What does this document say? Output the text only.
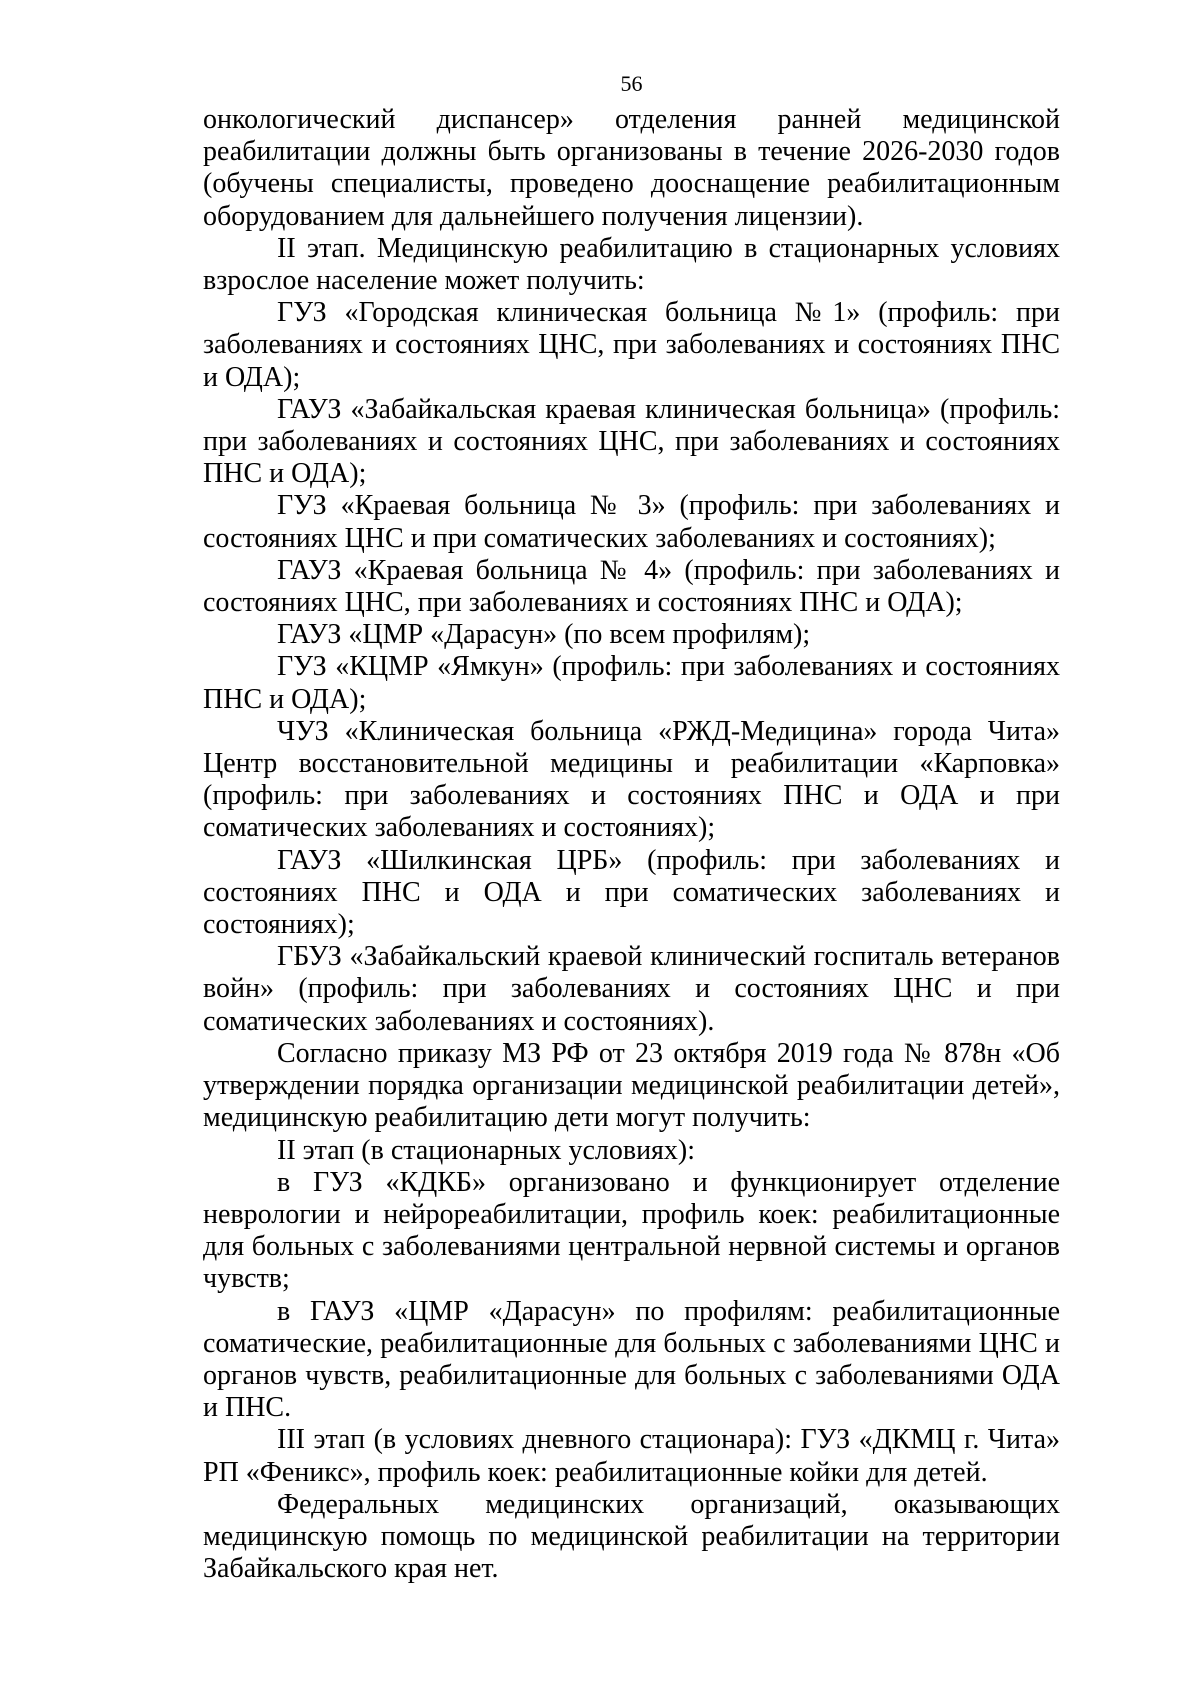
56

онкологический диспансер» отделения ранней медицинской реабилитации должны быть организованы в течение 2026-2030 годов (обучены специалисты, проведено дооснащение реабилитационным оборудованием для дальнейшего получения лицензии).

II этап. Медицинскую реабилитацию в стационарных условиях взрослое население может получить:

ГУЗ «Городская клиническая больница №1» (профиль: при заболеваниях и состояниях ЦНС, при заболеваниях и состояниях ПНС и ОДА);

ГАУЗ «Забайкальская краевая клиническая больница» (профиль: при заболеваниях и состояниях ЦНС, при заболеваниях и состояниях ПНС и ОДА);

ГУЗ «Краевая больница № 3» (профиль: при заболеваниях и состояниях ЦНС и при соматических заболеваниях и состояниях);

ГАУЗ «Краевая больница № 4» (профиль: при заболеваниях и состояниях ЦНС, при заболеваниях и состояниях ПНС и ОДА);

ГАУЗ «ЦМР «Дарасун» (по всем профилям);

ГУЗ «КЦМР «Ямкун» (профиль: при заболеваниях и состояниях ПНС и ОДА);

ЧУЗ «Клиническая больница «РЖД-Медицина» города Чита» Центр восстановительной медицины и реабилитации «Карповка» (профиль: при заболеваниях и состояниях ПНС и ОДА и при соматических заболеваниях и состояниях);

ГАУЗ «Шилкинская ЦРБ» (профиль: при заболеваниях и состояниях ПНС и ОДА и при соматических заболеваниях и состояниях);

ГБУЗ «Забайкальский краевой клинический госпиталь ветеранов войн» (профиль: при заболеваниях и состояниях ЦНС и при соматических заболеваниях и состояниях).

Согласно приказу МЗ РФ от 23 октября 2019 года № 878н «Об утверждении порядка организации медицинской реабилитации детей», медицинскую реабилитацию дети могут получить:

II этап (в стационарных условиях):

в ГУЗ «КДКБ» организовано и функционирует отделение неврологии и нейрореабилитации, профиль коек: реабилитационные для больных с заболеваниями центральной нервной системы и органов чувств;

в ГАУЗ «ЦМР «Дарасун» по профилям: реабилитационные соматические, реабилитационные для больных с заболеваниями ЦНС и органов чувств, реабилитационные для больных с заболеваниями ОДА и ПНС.

III этап (в условиях дневного стационара): ГУЗ «ДКМЦ г. Чита» РП «Феникс», профиль коек: реабилитационные койки для детей.

Федеральных медицинских организаций, оказывающих медицинскую помощь по медицинской реабилитации на территории Забайкальского края нет.
